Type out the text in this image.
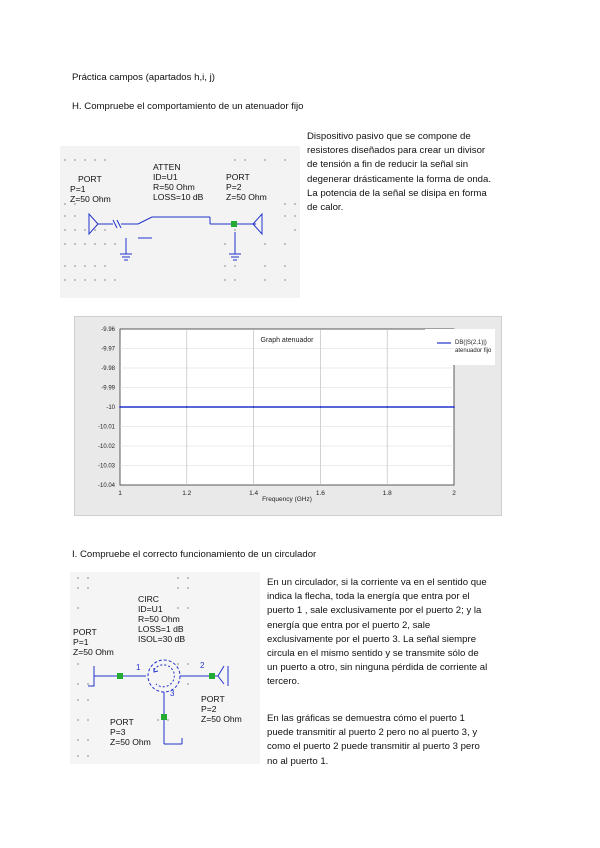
Práctica campos (apartados h,i, j)
H. Compruebe el comportamiento de un atenuador fijo
PORT
P=1
Z=50 Ohm
ATTEN
ID=U1
R=50 Ohm
LOSS=10 dB
PORT
P=2
Z=50 Ohm
Dispositivo pasivo que se compone de
resistores diseñados para crear un divisor
de tensión a fin de reducir la señal sin
degenerar drásticamente la forma de onda.
La potencia de la señal se disipa en forma
de calor.
1	1.2	1.4	1.6	1.8	2
-9.96
-9.97
-9.98
-9.99
-10
-10.01
-10.02
-10.03
-10.04
Graph atenuador
Frequency (GHz)
DB(|S(2,1)|)
atenuador fijo
I. Compruebe el correcto funcionamiento de un circulador
CIRC
ID=U1
R=50 Ohm
LOSS=1 dB
ISOL=30 dB
PORT
P=1
Z=50 Ohm
PORT
P=2
Z=50 Ohm
PORT
P=3
Z=50 Ohm
1	2
3
En un circulador, si la corriente va en el sentido que
indica la flecha, toda la energía que entra por el
puerto 1 , sale exclusivamente por el puerto 2; y la
energía que entra por el puerto 2, sale
exclusivamente por el puerto 3. La señal siempre
circula en el mismo sentido y se transmite sólo de
un puerto a otro, sin ninguna pérdida de corriente al
tercero.
En las gráficas se demuestra cómo el puerto 1
puede transmitir al puerto 2 pero no al puerto 3, y
como el puerto 2 puede transmitir al puerto 3 pero
no al puerto 1.
